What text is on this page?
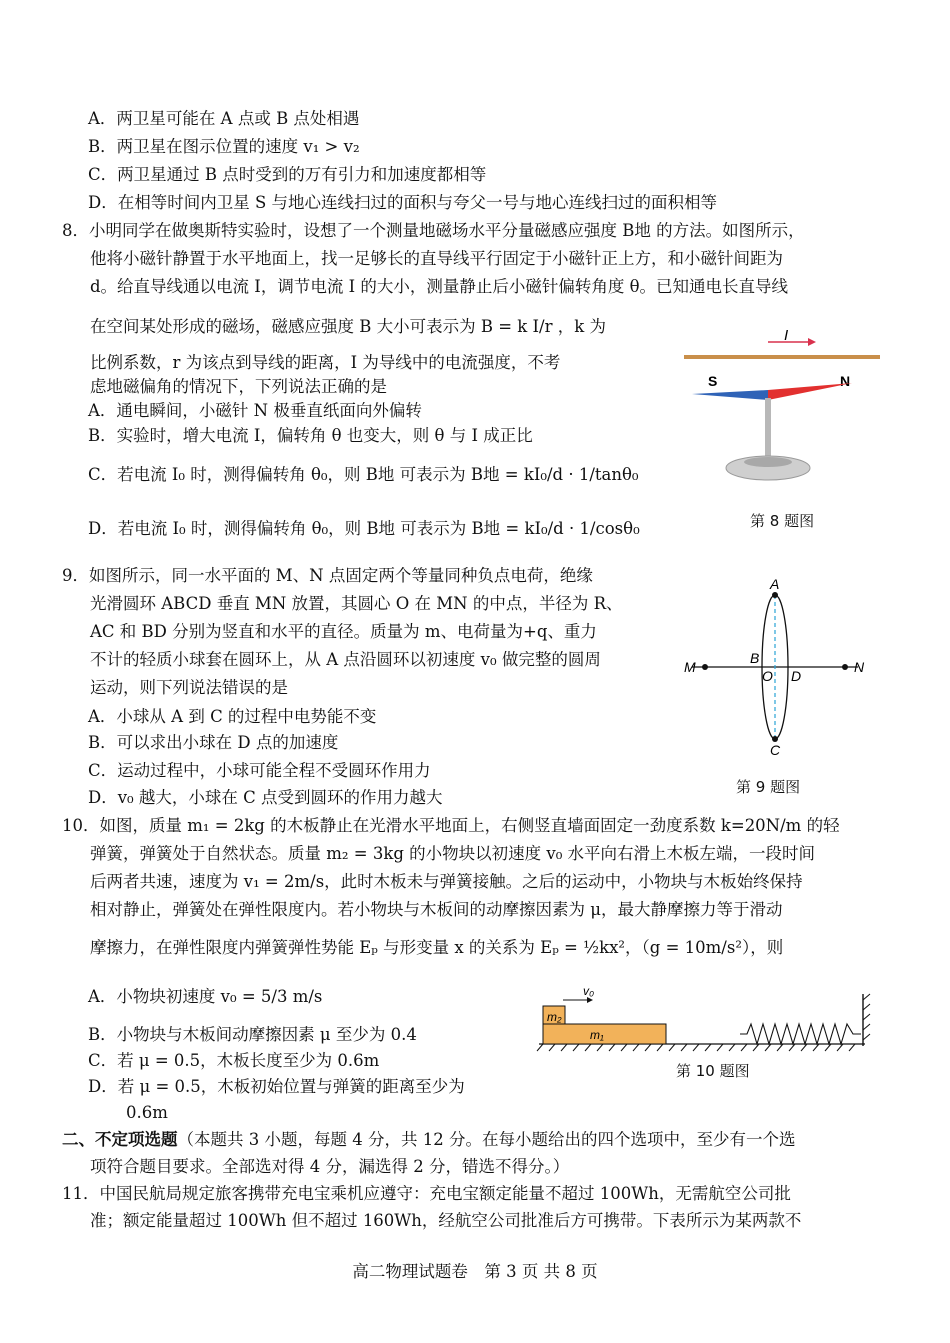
A．两卫星可能在 A 点或 B 点处相遇
B．两卫星在图示位置的速度 v₁ > v₂
C．两卫星通过 B 点时受到的万有引力和加速度都相等
D．在相等时间内卫星 S 与地心连线扫过的面积与夸父一号与地心连线扫过的面积相等
8．小明同学在做奥斯特实验时，设想了一个测量地磁场水平分量磁感应强度 B地 的方法。如图所示，
他将小磁针静置于水平地面上，找一足够长的直导线平行固定于小磁针正上方，和小磁针间距为
d。给直导线通以电流 I，调节电流 I 的大小，测量静止后小磁针偏转角度 θ。已知通电长直导线
在空间某处形成的磁场，磁感应强度 B 大小可表示为 B = k I/r ，k 为
比例系数，r 为该点到导线的距离，I 为导线中的电流强度，不考
虑地磁偏角的情况下，下列说法正确的是
A．通电瞬间，小磁针 N 极垂直纸面向外偏转
B．实验时，增大电流 I，偏转角 θ 也变大，则 θ 与 I 成正比
C．若电流 I₀ 时，测得偏转角 θ₀，则 B地 可表示为 B地 = kI₀/d · 1/tanθ₀
D．若电流 I₀ 时，测得偏转角 θ₀，则 B地 可表示为 B地 = kI₀/d · 1/cosθ₀
I
S	N
第 8 题图
9．如图所示，同一水平面的 M、N 点固定两个等量同种负点电荷，绝缘
光滑圆环 ABCD 垂直 MN 放置，其圆心 O 在 MN 的中点，半径为 R、
AC 和 BD 分别为竖直和水平的直径。质量为 m、电荷量为+q、重力
不计的轻质小球套在圆环上，从 A 点沿圆环以初速度 v₀ 做完整的圆周
运动，则下列说法错误的是
A．小球从 A 到 C 的过程中电势能不变
B．可以求出小球在 D 点的加速度
C．运动过程中，小球可能全程不受圆环作用力
D．v₀ 越大，小球在 C 点受到圆环的作用力越大
A
B
C
D
M	N
O
第 9 题图
10．如图，质量 m₁ = 2kg 的木板静止在光滑水平地面上，右侧竖直墙面固定一劲度系数 k=20N/m 的轻
弹簧，弹簧处于自然状态。质量 m₂ = 3kg 的小物块以初速度 v₀ 水平向右滑上木板左端，一段时间
后两者共速，速度为 v₁ = 2m/s，此时木板未与弹簧接触。之后的运动中，小物块与木板始终保持
相对静止，弹簧处在弹性限度内。若小物块与木板间的动摩擦因素为 μ，最大静摩擦力等于滑动
摩擦力，在弹性限度内弹簧弹性势能 Eₚ 与形变量 x 的关系为 Eₚ = ½kx²，（g = 10m/s²），则
A．小物块初速度 v₀ = 5/3 m/s
B．小物块与木板间动摩擦因素 μ 至少为 0.4
C．若 μ = 0.5，木板长度至少为 0.6m
D．若 μ = 0.5，木板初始位置与弹簧的距离至少为
0.6m
m₂
m₁
v₀
第 10 题图
二、不定项选题（本题共 3 小题，每题 4 分，共 12 分。在每小题给出的四个选项中，至少有一个选
项符合题目要求。全部选对得 4 分，漏选得 2 分，错选不得分。）
11．中国民航局规定旅客携带充电宝乘机应遵守：充电宝额定能量不超过 100Wh，无需航空公司批
准；额定能量超过 100Wh 但不超过 160Wh，经航空公司批准后方可携带。下表所示为某两款不
高二物理试题卷　第 3 页 共 8 页
